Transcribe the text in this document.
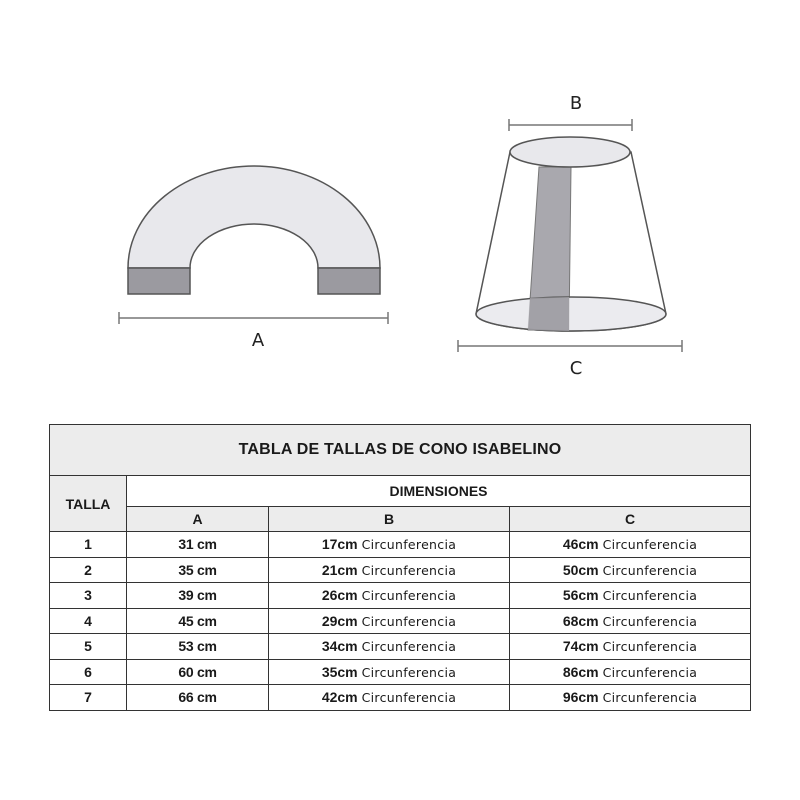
A
B
C
TABLA DE TALLAS DE CONO ISABELINO			
TALLA	DIMENSIONES		
	A	B	C
1	31 cm	17cm Circunferencia	46cm Circunferencia
2	35 cm	21cm Circunferencia	50cm Circunferencia
3	39 cm	26cm Circunferencia	56cm Circunferencia
4	45 cm	29cm Circunferencia	68cm Circunferencia
5	53 cm	34cm Circunferencia	74cm Circunferencia
6	60 cm	35cm Circunferencia	86cm Circunferencia
7	66 cm	42cm Circunferencia	96cm Circunferencia
